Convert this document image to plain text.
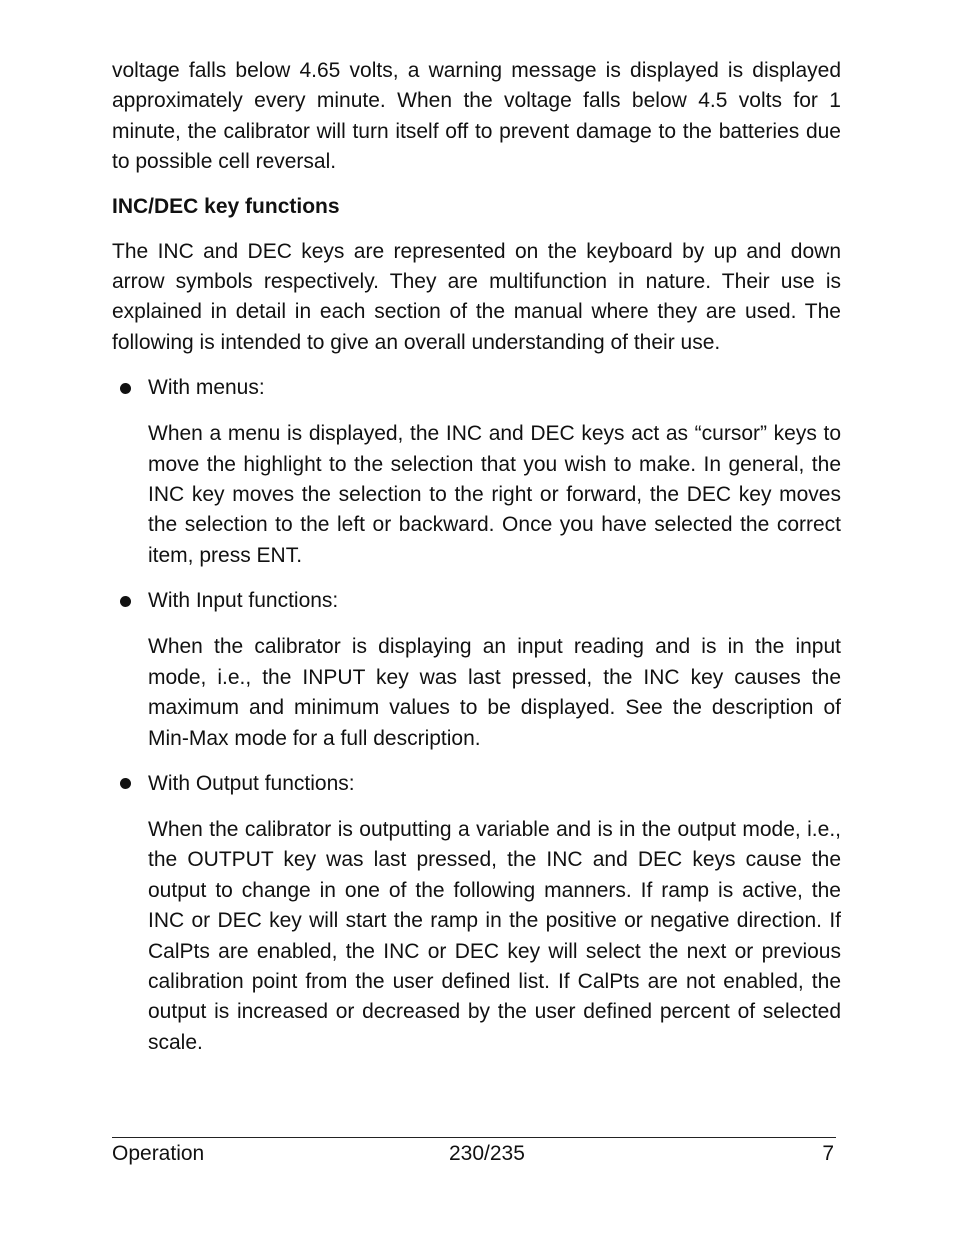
voltage falls below 4.65 volts, a warning message is displayed is displayed approximately every minute. When the voltage falls below 4.5 volts for 1 minute, the calibrator will turn itself off to prevent damage to the batteries due to possible cell reversal.

INC/DEC key functions

The INC and DEC keys are represented on the keyboard by up and down arrow symbols respectively. They are multifunction in nature. Their use is explained in detail in each section of the manual where they are used. The following is intended to give an overall understanding of their use.

With menus:

When a menu is displayed, the INC and DEC keys act as “cursor” keys to move the highlight to the selection that you wish to make. In general, the INC key moves the selection to the right or forward, the DEC key moves the selection to the left or backward. Once you have selected the correct item, press ENT.

With Input functions:

When the calibrator is displaying an input reading and is in the input mode, i.e., the INPUT key was last pressed, the INC key causes the maximum and minimum values to be displayed. See the description of Min-Max mode for a full description.

With Output functions:

When the calibrator is outputting a variable and is in the output mode, i.e., the OUTPUT key was last pressed, the INC and DEC keys cause the output to change in one of the following manners. If ramp is active, the INC or DEC key will start the ramp in the positive or negative direction. If CalPts are enabled, the INC or DEC key will select the next or previous calibration point from the user defined list. If CalPts are not enabled, the output is increased or decreased by the user defined percent of selected scale.

Operation	230/235	7
